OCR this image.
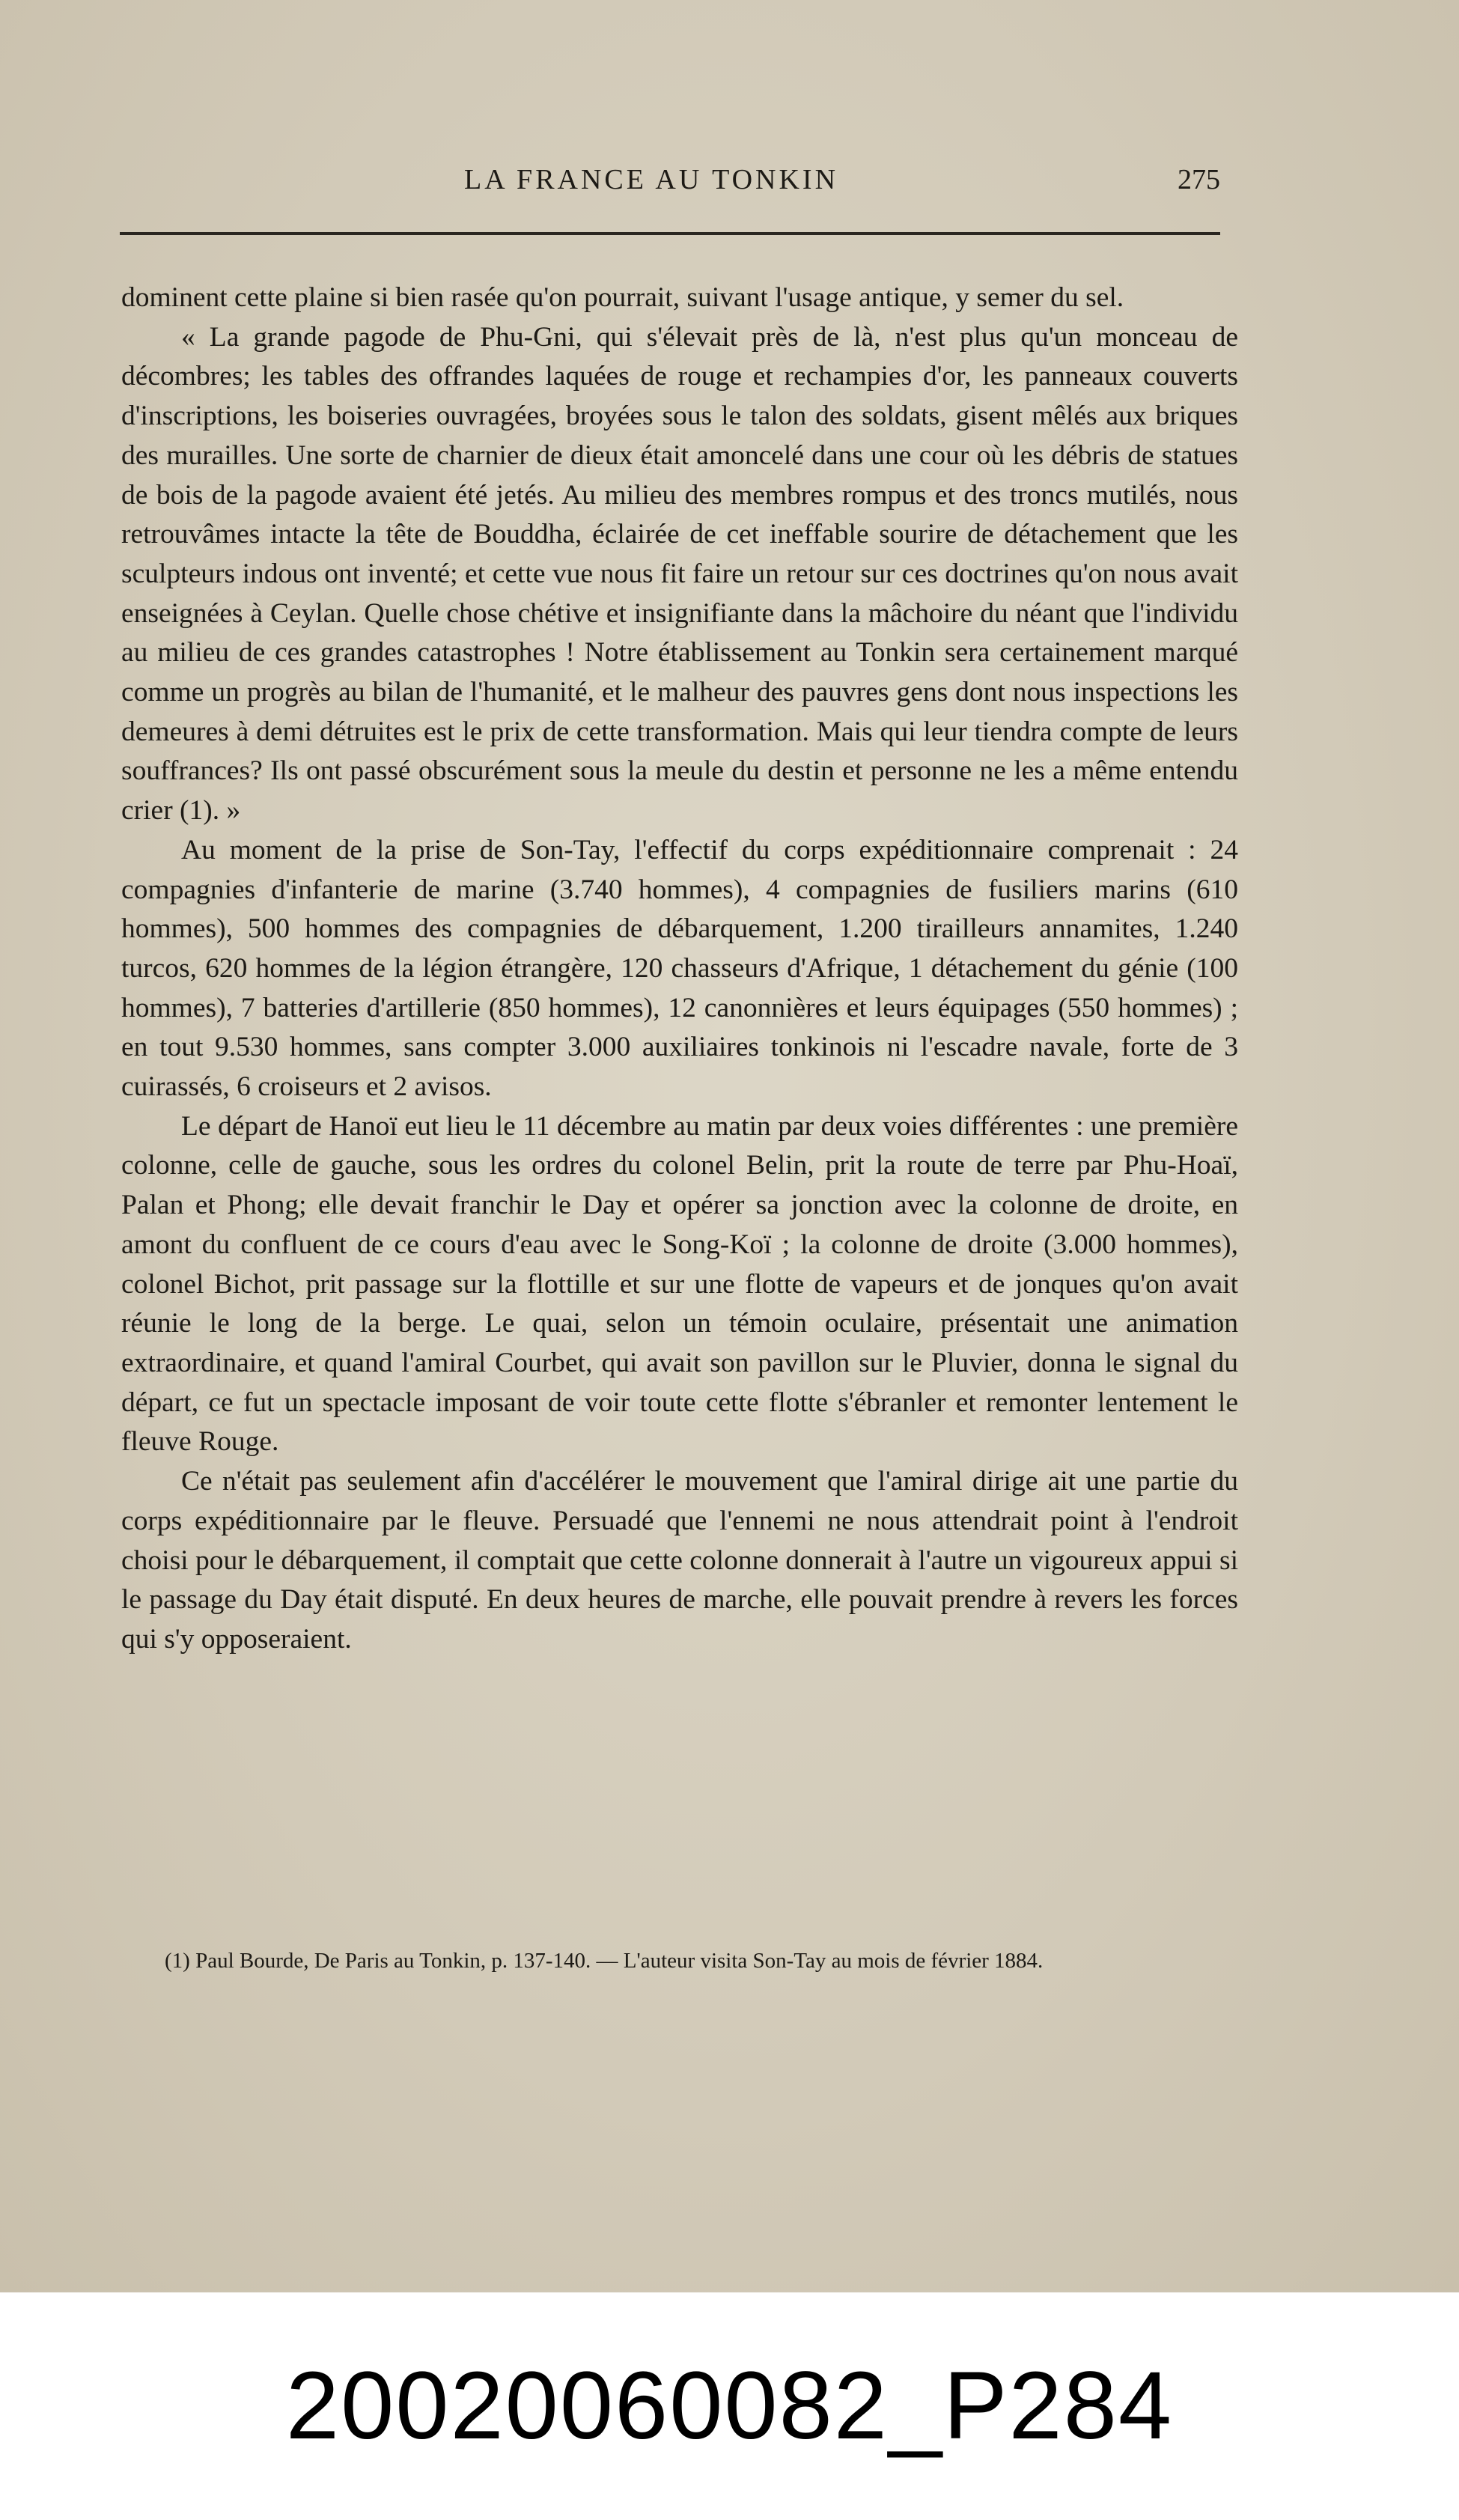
LA FRANCE AU TONKIN	275

dominent cette plaine si bien rasée qu'on pourrait, suivant l'usage antique, y semer du sel.

« La grande pagode de Phu-Gni, qui s'élevait près de là, n'est plus qu'un monceau de décombres; les tables des offrandes laquées de rouge et rechampies d'or, les panneaux couverts d'inscriptions, les boiseries ouvragées, broyées sous le talon des soldats, gisent mêlés aux briques des murailles. Une sorte de charnier de dieux était amoncelé dans une cour où les débris de statues de bois de la pagode avaient été jetés. Au milieu des membres rompus et des troncs mutilés, nous retrouvâmes intacte la tête de Bouddha, éclairée de cet ineffable sourire de détachement que les sculpteurs indous ont inventé; et cette vue nous fit faire un retour sur ces doctrines qu'on nous avait enseignées à Ceylan. Quelle chose chétive et insignifiante dans la mâchoire du néant que l'individu au milieu de ces grandes catastrophes ! Notre établissement au Tonkin sera certainement marqué comme un progrès au bilan de l'humanité, et le malheur des pauvres gens dont nous inspections les demeures à demi détruites est le prix de cette transformation. Mais qui leur tiendra compte de leurs souffrances? Ils ont passé obscurément sous la meule du destin et personne ne les a même entendu crier (1). »

Au moment de la prise de Son-Tay, l'effectif du corps expéditionnaire comprenait : 24 compagnies d'infanterie de marine (3.740 hommes), 4 compagnies de fusiliers marins (610 hommes), 500 hommes des compagnies de débarquement, 1.200 tirailleurs annamites, 1.240 turcos, 620 hommes de la légion étrangère, 120 chasseurs d'Afrique, 1 détachement du génie (100 hommes), 7 batteries d'artillerie (850 hommes), 12 canonnières et leurs équipages (550 hommes) ; en tout 9.530 hommes, sans compter 3.000 auxiliaires tonkinois ni l'escadre navale, forte de 3 cuirassés, 6 croiseurs et 2 avisos.

Le départ de Hanoï eut lieu le 11 décembre au matin par deux voies différentes : une première colonne, celle de gauche, sous les ordres du colonel Belin, prit la route de terre par Phu-Hoaï, Palan et Phong; elle devait franchir le Day et opérer sa jonction avec la colonne de droite, en amont du confluent de ce cours d'eau avec le Song-Koï ; la colonne de droite (3.000 hommes), colonel Bichot, prit passage sur la flottille et sur une flotte de vapeurs et de jonques qu'on avait réunie le long de la berge. Le quai, selon un témoin oculaire, présentait une animation extraordinaire, et quand l'amiral Courbet, qui avait son pavillon sur le Pluvier, donna le signal du départ, ce fut un spectacle imposant de voir toute cette flotte s'ébranler et remonter lentement le fleuve Rouge.

Ce n'était pas seulement afin d'accélérer le mouvement que l'amiral dirige ait une partie du corps expéditionnaire par le fleuve. Persuadé que l'ennemi ne nous attendrait point à l'endroit choisi pour le débarquement, il comptait que cette colonne donnerait à l'autre un vigoureux appui si le passage du Day était disputé. En deux heures de marche, elle pouvait prendre à revers les forces qui s'y opposeraient.

(1) Paul Bourde, De Paris au Tonkin, p. 137-140. — L'auteur visita Son-Tay au mois de février 1884.

20020060082_P284
